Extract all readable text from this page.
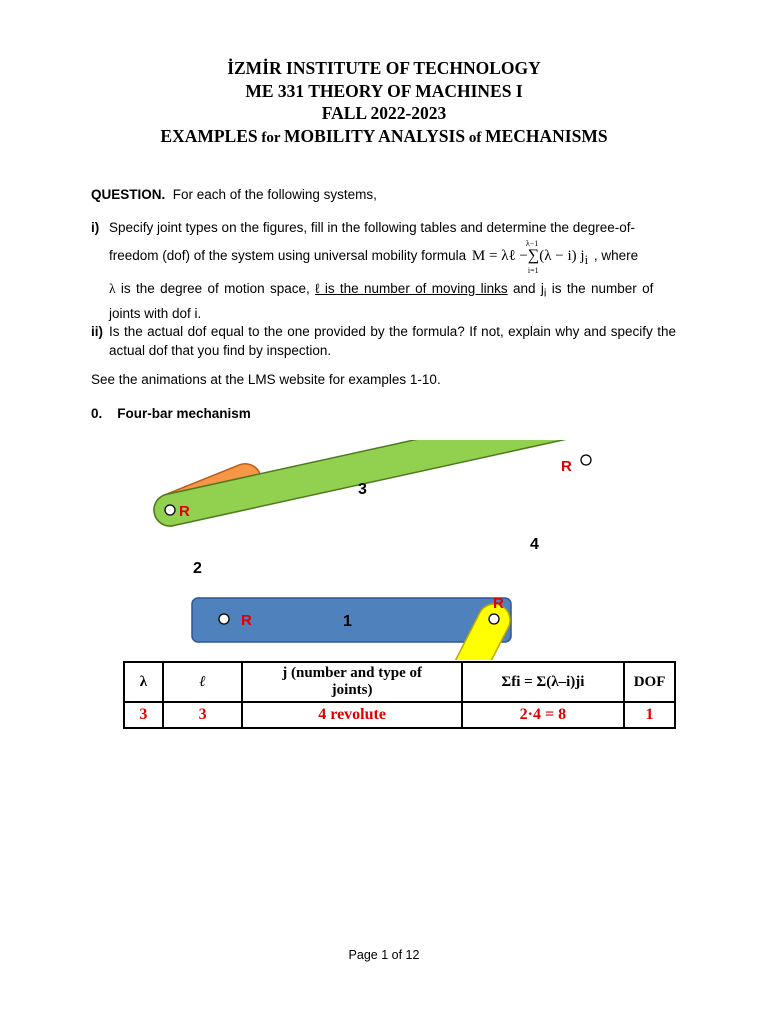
İZMİR INSTITUTE OF TECHNOLOGY
ME 331 THEORY OF MACHINES I
FALL 2022-2023
EXAMPLES for MOBILITY ANALYSIS of MECHANISMS
QUESTION.  For each of the following systems,
i) Specify joint types on the figures, fill in the following tables and determine the degree-of-
freedom (dof) of the system using universal mobility formula M = λℓ −
λ−1
∑
i=1
(λ − i) $j_i$ , where
λ is the degree of motion space, ℓ is the number of moving links and $j_i$ is the number of
joints with dof i.
ii) Is the actual dof equal to the one provided by the formula? If not, explain why and specify the actual dof that you find by inspection.
See the animations at the LMS website for examples 1-10.
0. Four-bar mechanism
R
R
R
R
1
2
3
4
λ	ℓ	j (number and type of joints)	Σfi = Σ(λ–i)ji	DOF
3	3	4 revolute	2·4 = 8	1
Page 1 of 12
